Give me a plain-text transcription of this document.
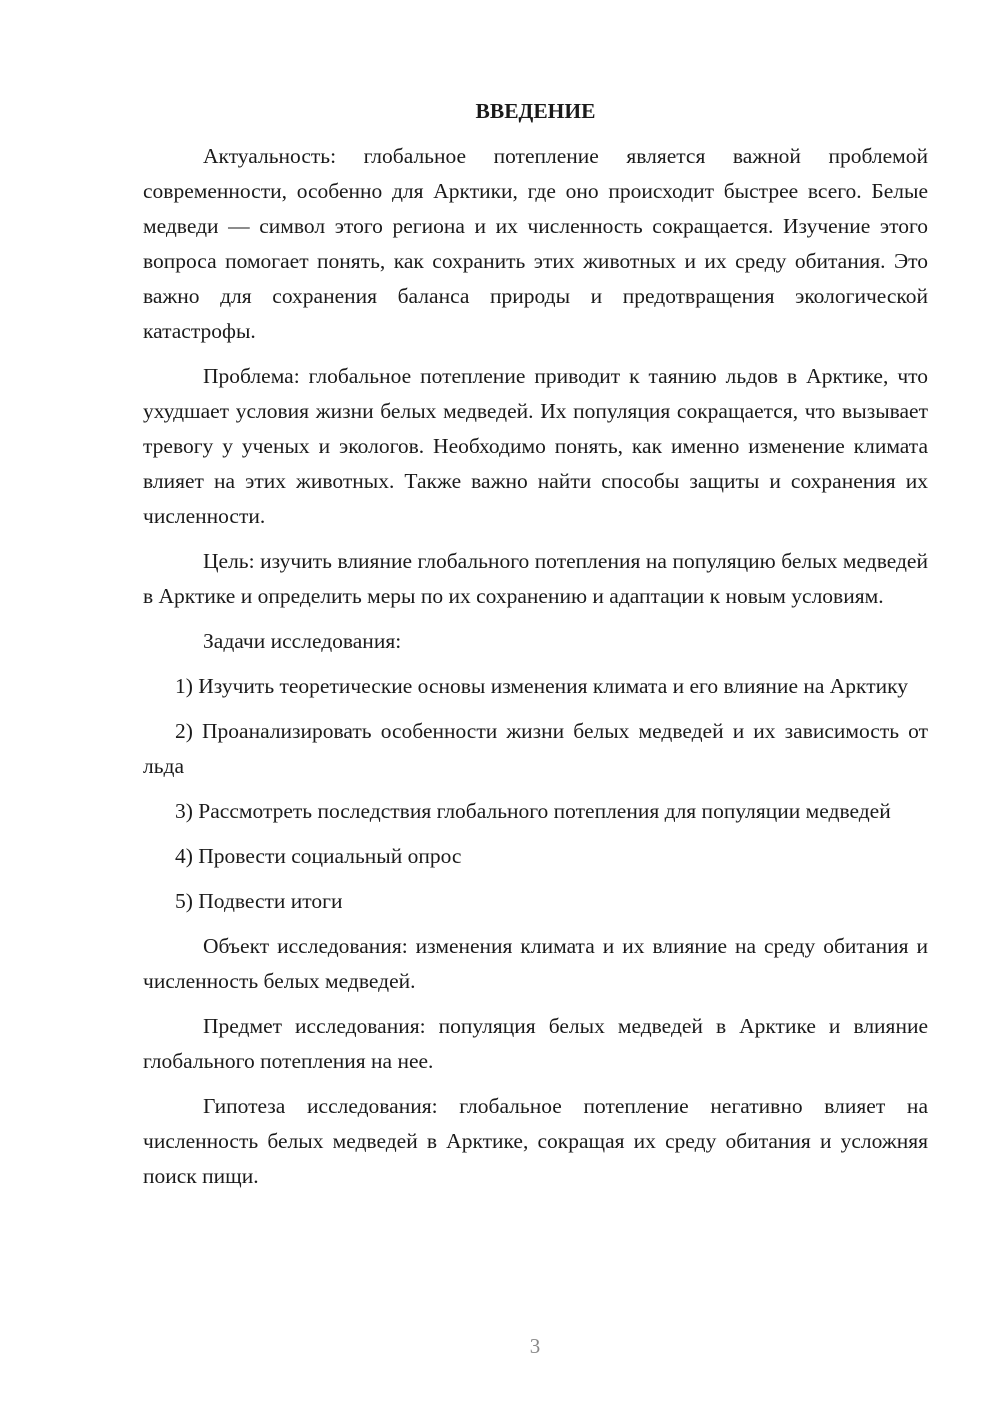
ВВЕДЕНИЕ

Актуальность: глобальное потепление является важной проблемой современности, особенно для Арктики, где оно происходит быстрее всего. Белые медведи — символ этого региона и их численность сокращается. Изучение этого вопроса помогает понять, как сохранить этих животных и их среду обитания. Это важно для сохранения баланса природы и предотвращения экологической катастрофы.

Проблема: глобальное потепление приводит к таянию льдов в Арктике, что ухудшает условия жизни белых медведей. Их популяция сокращается, что вызывает тревогу у ученых и экологов. Необходимо понять, как именно изменение климата влияет на этих животных. Также важно найти способы защиты и сохранения их численности.

Цель: изучить влияние глобального потепления на популяцию белых медведей в Арктике и определить меры по их сохранению и адаптации к новым условиям.

Задачи исследования:

1) Изучить теоретические основы изменения климата и его влияние на Арктику

2) Проанализировать особенности жизни белых медведей и их зависимость от льда

3) Рассмотреть последствия глобального потепления для популяции медведей

4) Провести социальный опрос

5) Подвести итоги

Объект исследования: изменения климата и их влияние на среду обитания и численность белых медведей.

Предмет исследования: популяция белых медведей в Арктике и влияние глобального потепления на нее.

Гипотеза исследования: глобальное потепление негативно влияет на численность белых медведей в Арктике, сокращая их среду обитания и усложняя поиск пищи.

3
